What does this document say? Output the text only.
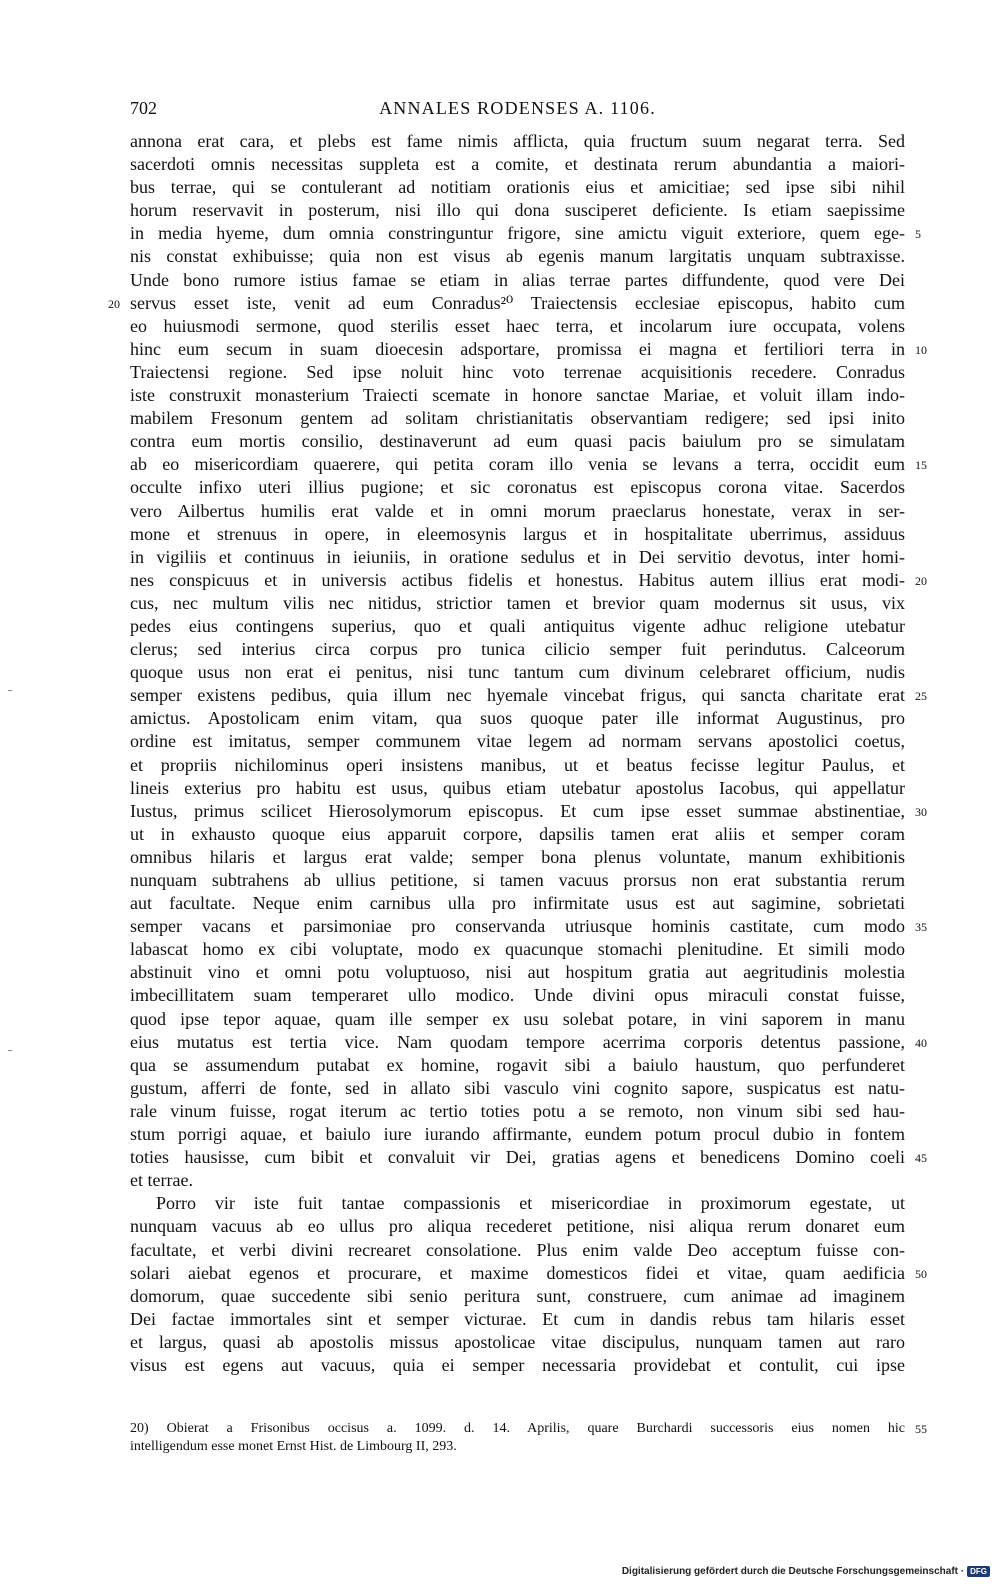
702	ANNALES RODENSES A. 1106.
annona erat cara, et plebs est fame nimis afflicta, quia fructum suum negarat terra. Sed
sacerdoti omnis necessitas suppleta est a comite, et destinata rerum abundantia a maiori-
bus terrae, qui se contulerant ad notitiam orationis eius et amicitiae; sed ipse sibi nihil
horum reservavit in posterum, nisi illo qui dona susciperet deficiente. Is etiam saepissime
in media hyeme, dum omnia constringuntur frigore, sine amictu viguit exteriore, quem ege- 5
nis constat exhibuisse; quia non est visus ab egenis manum largitatis unquam subtraxisse.
Unde bono rumore istius famae se etiam in alias terrae partes diffundente, quod vere Dei
servus esset iste, venit ad eum Conradus²⁰ Traiectensis ecclesiae episcopus, habito cum
20
eo huiusmodi sermone, quod sterilis esset haec terra, et incolarum iure occupata, volens
hinc eum secum in suam dioecesin adsportare, promissa ei magna et fertiliori terra in 10
Traiectensi regione. Sed ipse noluit hinc voto terrenae acquisitionis recedere. Conradus
iste construxit monasterium Traiecti scemate in honore sanctae Mariae, et voluit illam indo-
mabilem Fresonum gentem ad solitam christianitatis observantiam redigere; sed ipsi inito
contra eum mortis consilio, destinaverunt ad eum quasi pacis baiulum pro se simulatam
ab eo misericordiam quaerere, qui petita coram illo venia se levans a terra, occidit eum 15
occulte infixo uteri illius pugione; et sic coronatus est episcopus corona vitae. Sacerdos
vero Ailbertus humilis erat valde et in omni morum praeclarus honestate, verax in ser-
mone et strenuus in opere, in eleemosynis largus et in hospitalitate uberrimus, assiduus
in vigiliis et continuus in ieiuniis, in oratione sedulus et in Dei servitio devotus, inter homi-
nes conspicuus et in universis actibus fidelis et honestus. Habitus autem illius erat modi- 20
cus, nec multum vilis nec nitidus, strictior tamen et brevior quam modernus sit usus, vix
pedes eius contingens superius, quo et quali antiquitus vigente adhuc religione utebatur
clerus; sed interius circa corpus pro tunica cilicio semper fuit perindutus. Calceorum
quoque usus non erat ei penitus, nisi tunc tantum cum divinum celebraret officium, nudis
semper existens pedibus, quia illum nec hyemale vincebat frigus, qui sancta charitate erat 25
amictus. Apostolicam enim vitam, qua suos quoque pater ille informat Augustinus, pro
ordine est imitatus, semper communem vitae legem ad normam servans apostolici coetus,
et propriis nichilominus operi insistens manibus, ut et beatus fecisse legitur Paulus, et
lineis exterius pro habitu est usus, quibus etiam utebatur apostolus Iacobus, qui appellatur
Iustus, primus scilicet Hierosolymorum episcopus. Et cum ipse esset summae abstinentiae, 30
ut in exhausto quoque eius apparuit corpore, dapsilis tamen erat aliis et semper coram
omnibus hilaris et largus erat valde; semper bona plenus voluntate, manum exhibitionis
nunquam subtrahens ab ullius petitione, si tamen vacuus prorsus non erat substantia rerum
aut facultate. Neque enim carnibus ulla pro infirmitate usus est aut sagimine, sobrietati
semper vacans et parsimoniae pro conservanda utriusque hominis castitate, cum modo 35
labascat homo ex cibi voluptate, modo ex quacunque stomachi plenitudine. Et simili modo
abstinuit vino et omni potu voluptuoso, nisi aut hospitum gratia aut aegritudinis molestia
imbecillitatem suam temperaret ullo modico. Unde divini opus miraculi constat fuisse,
quod ipse tepor aquae, quam ille semper ex usu solebat potare, in vini saporem in manu
eius mutatus est tertia vice. Nam quodam tempore acerrima corporis detentus passione, 40
qua se assumendum putabat ex homine, rogavit sibi a baiulo haustum, quo perfunderet
gustum, afferri de fonte, sed in allato sibi vasculo vini cognito sapore, suspicatus est natu-
rale vinum fuisse, rogat iterum ac tertio toties potu a se remoto, non vinum sibi sed hau-
stum porrigi aquae, et baiulo iure iurando affirmante, eundem potum procul dubio in fontem
toties hausisse, cum bibit et convaluit vir Dei, gratias agens et benedicens Domino coeli 45
et terrae.
Porro vir iste fuit tantae compassionis et misericordiae in proximorum egestate, ut
nunquam vacuus ab eo ullus pro aliqua recederet petitione, nisi aliqua rerum donaret eum
facultate, et verbi divini recrearet consolatione. Plus enim valde Deo acceptum fuisse con-
solari aiebat egenos et procurare, et maxime domesticos fidei et vitae, quam aedificia 50
domorum, quae succedente sibi senio peritura sunt, construere, cum animae ad imaginem
Dei factae immortales sint et semper victurae. Et cum in dandis rebus tam hilaris esset
et largus, quasi ab apostolis missus apostolicae vitae discipulus, nunquam tamen aut raro
visus est egens aut vacuus, quia ei semper necessaria providebat et contulit, cui ipse
20) Obierat a Frisonibus occisus a. 1099. d. 14. Aprilis, quare Burchardi successoris eius nomen hic 55
intelligendum esse monet Ernst Hist. de Limbourg II, 293.
Digitalisierung gefördert durch die Deutsche Forschungsgemeinschaft · DFG
